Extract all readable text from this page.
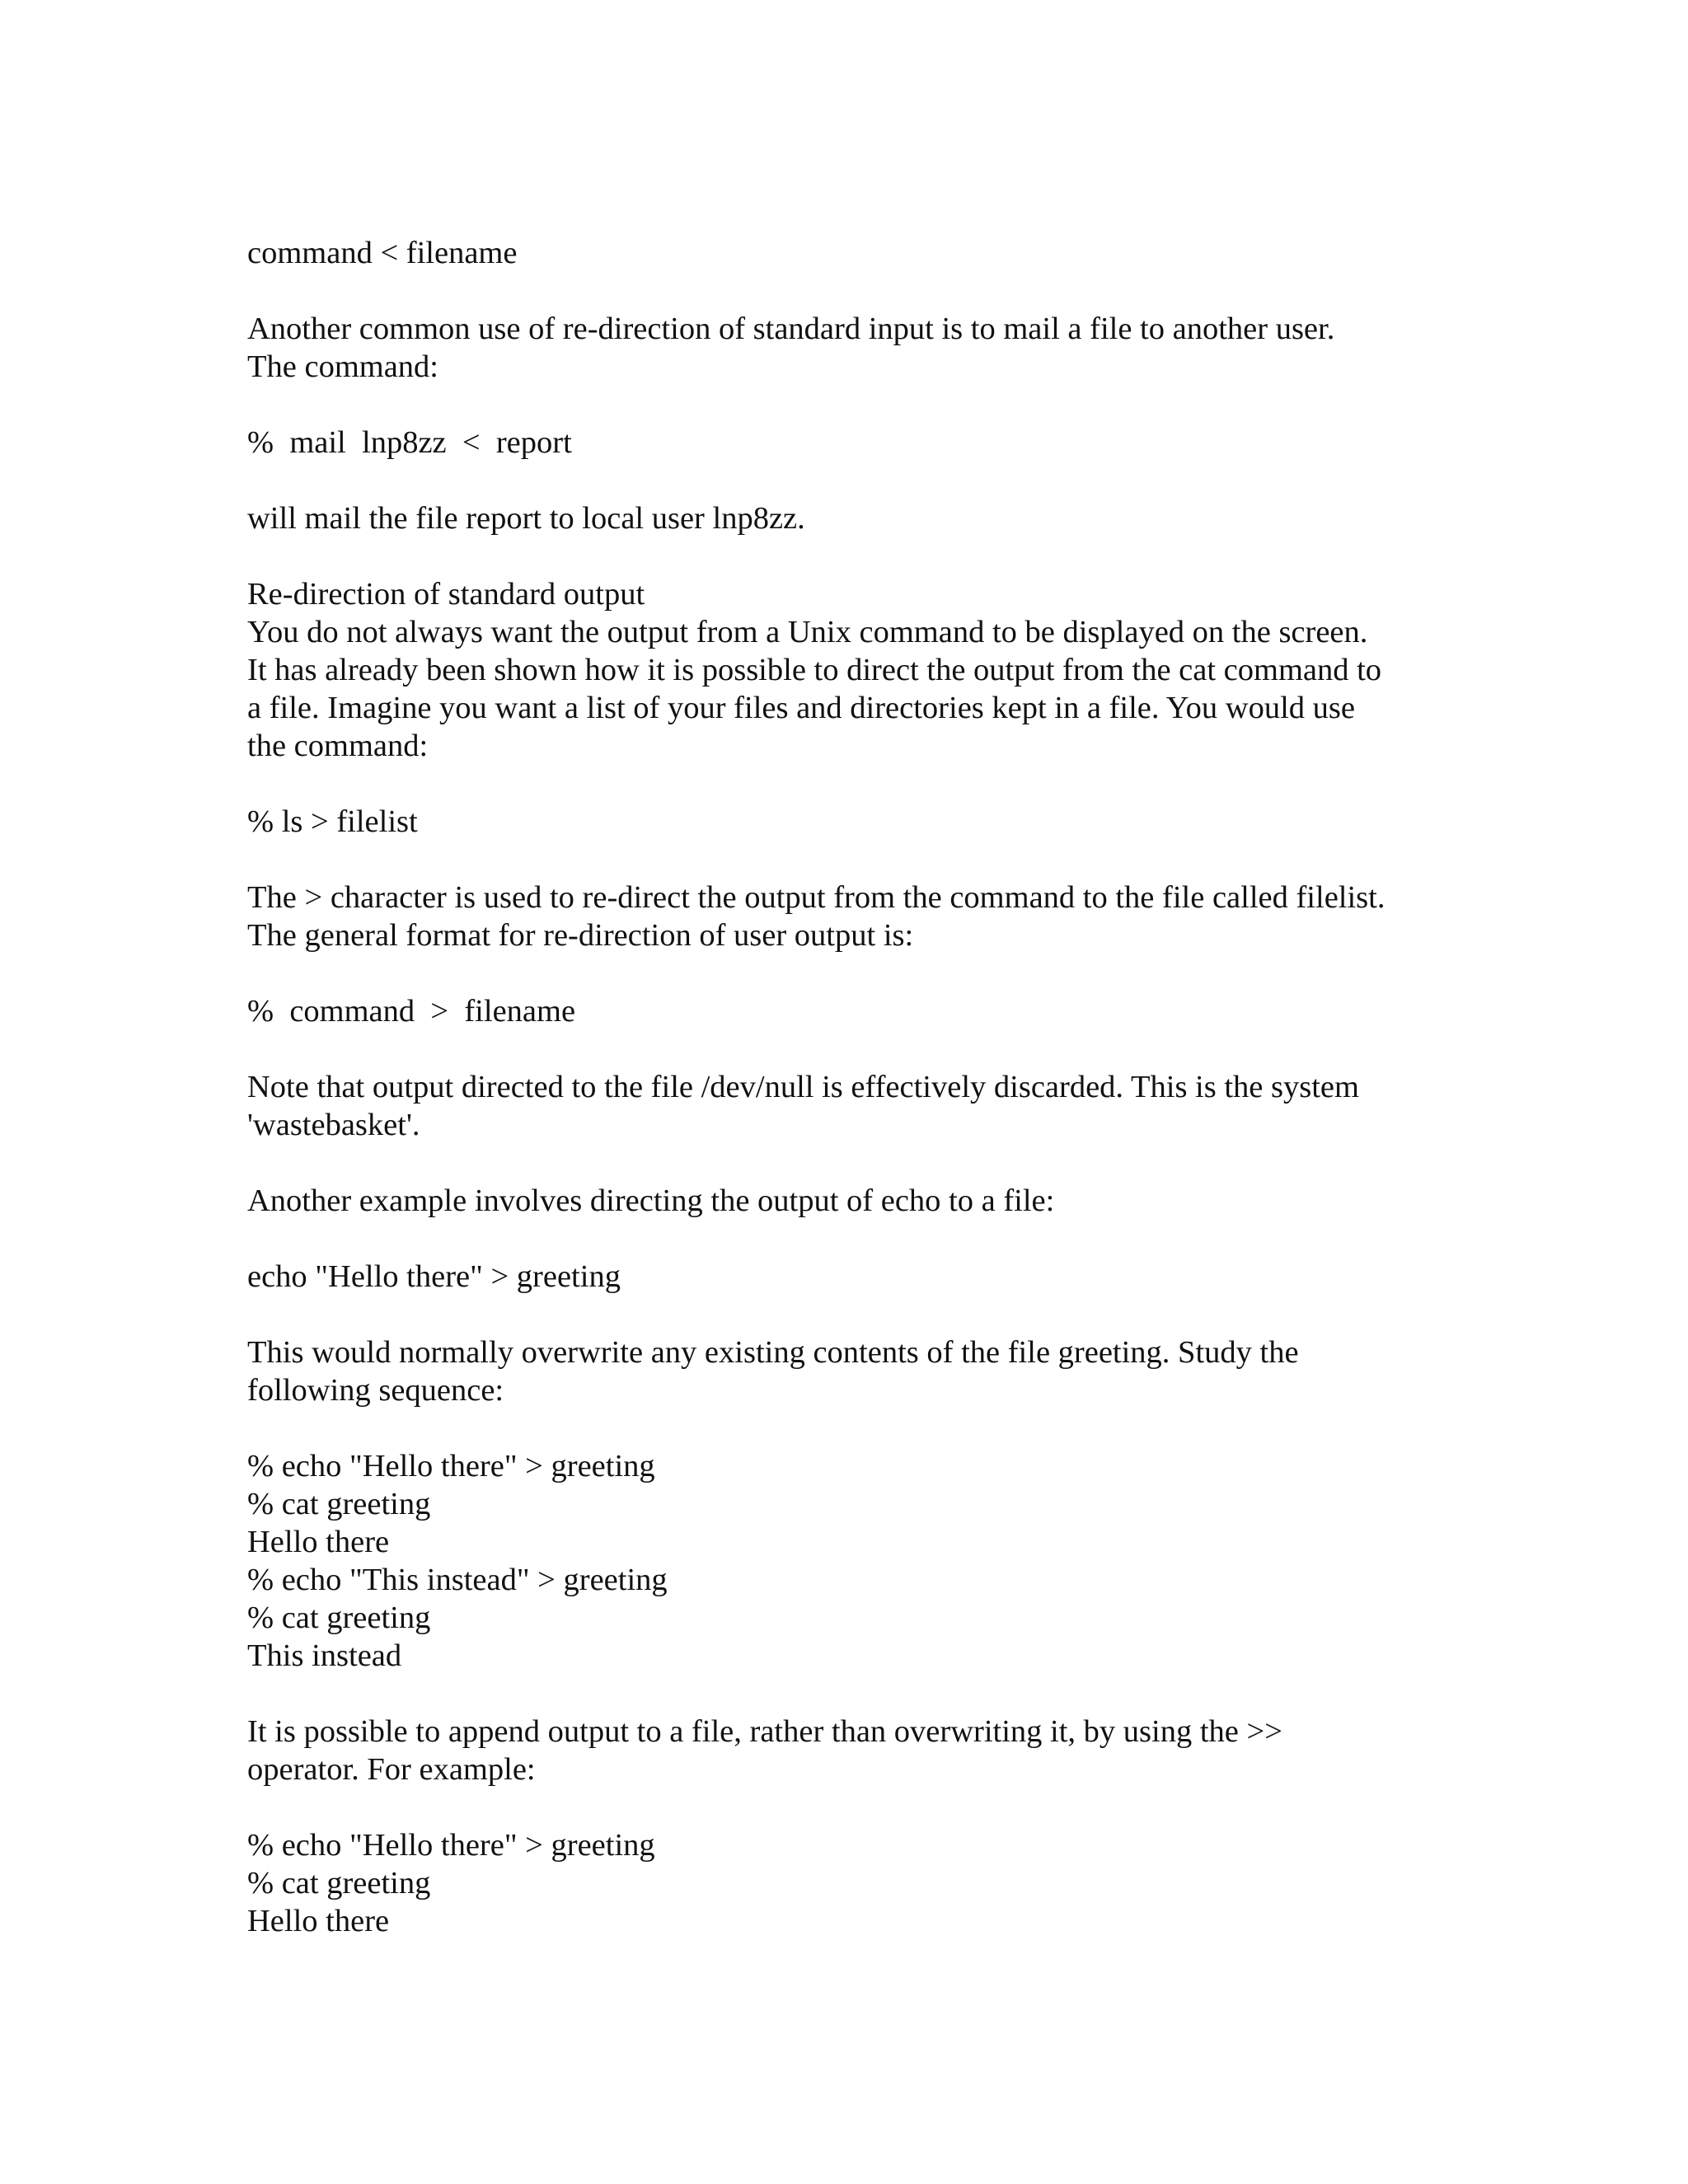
command < filename
Another common use of re-direction of standard input is to mail a file to another user.
The command:
%  mail  lnp8zz  <  report
will mail the file report to local user lnp8zz.
Re-direction of standard output
You do not always want the output from a Unix command to be displayed on the screen.
It has already been shown how it is possible to direct the output from the cat command to
a file. Imagine you want a list of your files and directories kept in a file. You would use
the command:
% ls > filelist
The > character is used to re-direct the output from the command to the file called filelist.
The general format for re-direction of user output is:
%  command  >  filename
Note that output directed to the file /dev/null is effectively discarded. This is the system
'wastebasket'.
Another example involves directing the output of echo to a file:
echo "Hello there" > greeting
This would normally overwrite any existing contents of the file greeting. Study the
following sequence:
% echo "Hello there" > greeting
% cat greeting
Hello there
% echo "This instead" > greeting
% cat greeting
This instead
It is possible to append output to a file, rather than overwriting it, by using the >>
operator. For example:
% echo "Hello there" > greeting
% cat greeting
Hello there
